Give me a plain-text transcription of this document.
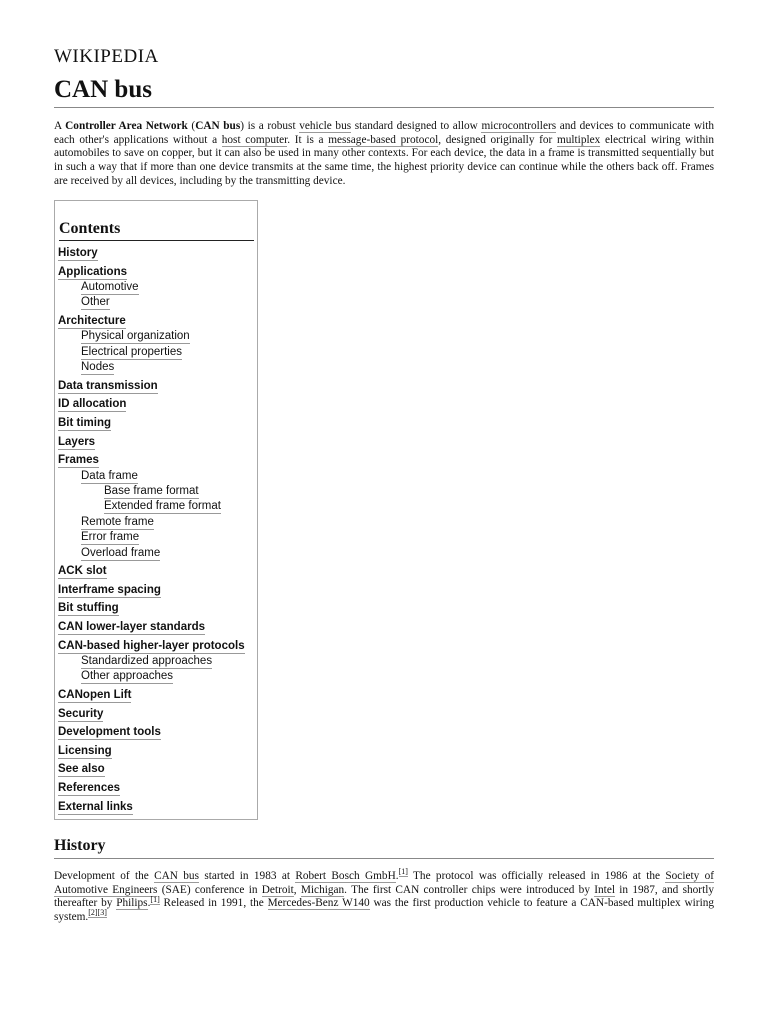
WIKIPEDIA
CAN bus

A Controller Area Network (CAN bus) is a robust vehicle bus standard designed to allow microcontrollers and devices to communicate with each other's applications without a host computer. It is a message-based protocol, designed originally for multiplex electrical wiring within automobiles to save on copper, but it can also be used in many other contexts. For each device, the data in a frame is transmitted sequentially but in such a way that if more than one device transmits at the same time, the highest priority device can continue while the others back off. Frames are received by all devices, including by the transmitting device.

Contents
History
Applications
Automotive
Other
Architecture
Physical organization
Electrical properties
Nodes
Data transmission
ID allocation
Bit timing
Layers
Frames
Data frame
Base frame format
Extended frame format
Remote frame
Error frame
Overload frame
ACK slot
Interframe spacing
Bit stuffing
CAN lower-layer standards
CAN-based higher-layer protocols
Standardized approaches
Other approaches
CANopen Lift
Security
Development tools
Licensing
See also
References
External links
History

Development of the CAN bus started in 1983 at Robert Bosch GmbH.[1] The protocol was officially released in 1986 at the Society of Automotive Engineers (SAE) conference in Detroit, Michigan. The first CAN controller chips were introduced by Intel in 1987, and shortly thereafter by Philips.[1] Released in 1991, the Mercedes-Benz W140 was the first production vehicle to feature a CAN-based multiplex wiring system.[2][3]
